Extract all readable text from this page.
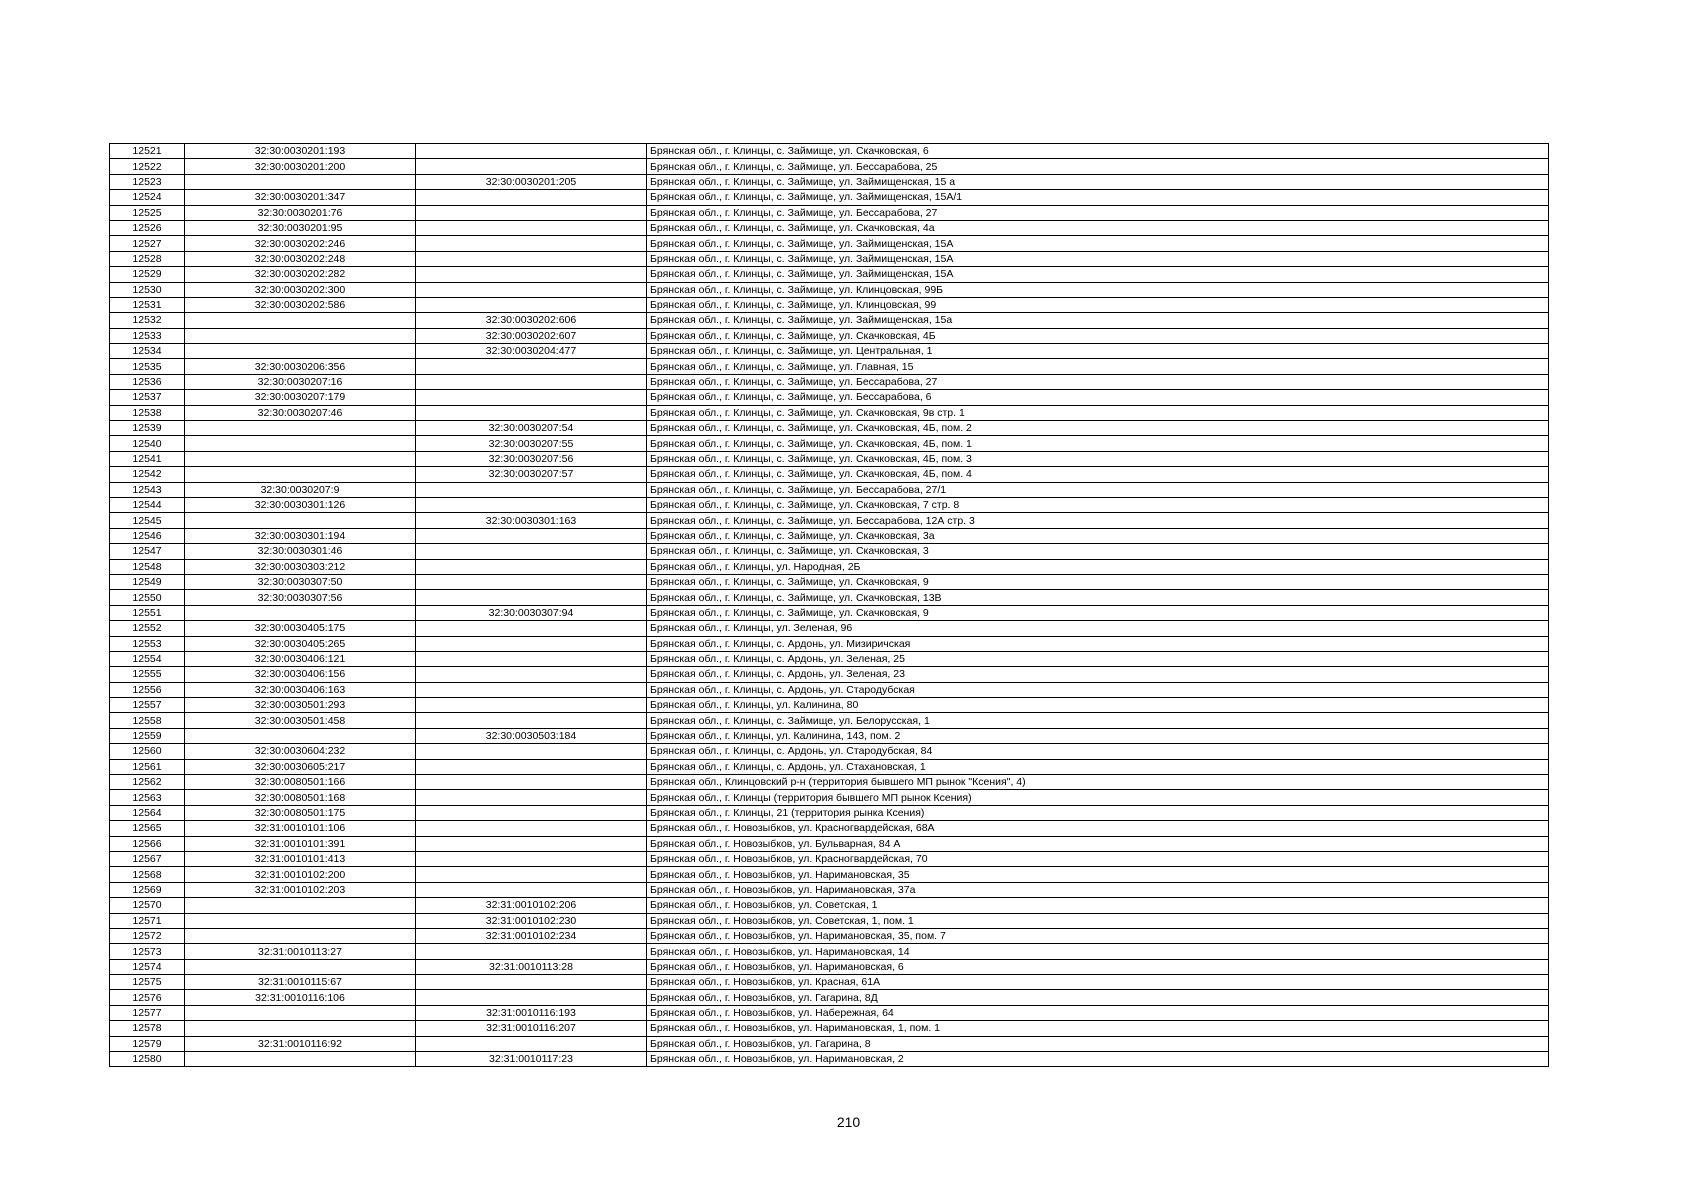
12521	32:30:0030201:193		Брянская обл., г. Клинцы, с. Займище, ул. Скачковская, 6
12522	32:30:0030201:200		Брянская обл., г. Клинцы, с. Займище, ул. Бессарабова, 25
12523		32:30:0030201:205	Брянская обл., г. Клинцы, с. Займище, ул. Займищенская, 15 а
12524	32:30:0030201:347		Брянская обл., г. Клинцы, с. Займище, ул. Займищенская, 15А/1
12525	32:30:0030201:76		Брянская обл., г. Клинцы, с. Займище, ул. Бессарабова, 27
12526	32:30:0030201:95		Брянская обл., г. Клинцы, с. Займище, ул. Скачковская, 4а
12527	32:30:0030202:246		Брянская обл., г. Клинцы, с. Займище, ул. Займищенская, 15А
12528	32:30:0030202:248		Брянская обл., г. Клинцы, с. Займище, ул. Займищенская, 15А
12529	32:30:0030202:282		Брянская обл., г. Клинцы, с. Займище, ул. Займищенская, 15А
12530	32:30:0030202:300		Брянская обл., г. Клинцы, с. Займище, ул. Клинцовская, 99Б
12531	32:30:0030202:586		Брянская обл., г. Клинцы, с. Займище, ул. Клинцовская, 99
12532		32:30:0030202:606	Брянская обл., г. Клинцы, с. Займище, ул. Займищенская, 15а
12533		32:30:0030202:607	Брянская обл., г. Клинцы, с. Займище, ул. Скачковская, 4Б
12534		32:30:0030204:477	Брянская обл., г. Клинцы, с. Займище, ул. Центральная, 1
12535	32:30:0030206:356		Брянская обл., г. Клинцы, с. Займище, ул. Главная, 15
12536	32:30:0030207:16		Брянская обл., г. Клинцы, с. Займище, ул. Бессарабова, 27
12537	32:30:0030207:179		Брянская обл., г. Клинцы, с. Займище, ул. Бессарабова, 6
12538	32:30:0030207:46		Брянская обл., г. Клинцы, с. Займище, ул. Скачковская, 9в стр. 1
12539		32:30:0030207:54	Брянская обл., г. Клинцы, с. Займище, ул. Скачковская, 4Б, пом. 2
12540		32:30:0030207:55	Брянская обл., г. Клинцы, с. Займище, ул. Скачковская, 4Б, пом. 1
12541		32:30:0030207:56	Брянская обл., г. Клинцы, с. Займище, ул. Скачковская, 4Б, пом. 3
12542		32:30:0030207:57	Брянская обл., г. Клинцы, с. Займище, ул. Скачковская, 4Б, пом. 4
12543	32:30:0030207:9		Брянская обл., г. Клинцы, с. Займище, ул. Бессарабова, 27/1
12544	32:30:0030301:126		Брянская обл., г. Клинцы, с. Займище, ул. Скачковская, 7 стр. 8
12545		32:30:0030301:163	Брянская обл., г. Клинцы, с. Займище, ул. Бессарабова, 12А стр. 3
12546	32:30:0030301:194		Брянская обл., г. Клинцы, с. Займище, ул. Скачковская, 3а
12547	32:30:0030301:46		Брянская обл., г. Клинцы, с. Займище, ул. Скачковская, 3
12548	32:30:0030303:212		Брянская обл., г. Клинцы, ул. Народная, 2Б
12549	32:30:0030307:50		Брянская обл., г. Клинцы, с. Займище, ул. Скачковская, 9
12550	32:30:0030307:56		Брянская обл., г. Клинцы, с. Займище, ул. Скачковская, 13В
12551		32:30:0030307:94	Брянская обл., г. Клинцы, с. Займище, ул. Скачковская, 9
12552	32:30:0030405:175		Брянская обл., г. Клинцы, ул. Зеленая, 96
12553	32:30:0030405:265		Брянская обл., г. Клинцы, с. Ардонь, ул. Мизиричская
12554	32:30:0030406:121		Брянская обл., г. Клинцы, с. Ардонь, ул. Зеленая, 25
12555	32:30:0030406:156		Брянская обл., г. Клинцы, с. Ардонь, ул. Зеленая, 23
12556	32:30:0030406:163		Брянская обл., г. Клинцы, с. Ардонь, ул. Стародубская
12557	32:30:0030501:293		Брянская обл., г. Клинцы, ул. Калинина, 80
12558	32:30:0030501:458		Брянская обл., г. Клинцы, с. Займище, ул. Белорусская, 1
12559		32:30:0030503:184	Брянская обл., г. Клинцы, ул. Калинина, 143, пом. 2
12560	32:30:0030604:232		Брянская обл., г. Клинцы, с. Ардонь, ул. Стародубская, 84
12561	32:30:0030605:217		Брянская обл., г. Клинцы, с. Ардонь, ул. Стахановская, 1
12562	32:30:0080501:166		Брянская обл., Клинцовский р-н (территория бывшего МП рынок "Ксения", 4)
12563	32:30:0080501:168		Брянская обл., г. Клинцы (территория бывшего МП рынок Ксения)
12564	32:30:0080501:175		Брянская обл., г. Клинцы, 21 (территория рынка Ксения)
12565	32:31:0010101:106		Брянская обл., г. Новозыбков, ул. Красногвардейская, 68А
12566	32:31:0010101:391		Брянская обл., г. Новозыбков, ул. Бульварная, 84 А
12567	32:31:0010101:413		Брянская обл., г. Новозыбков, ул. Красногвардейская, 70
12568	32:31:0010102:200		Брянская обл., г. Новозыбков, ул. Наримановская, 35
12569	32:31:0010102:203		Брянская обл., г. Новозыбков, ул. Наримановская, 37а
12570		32:31:0010102:206	Брянская обл., г. Новозыбков, ул. Советская, 1
12571		32:31:0010102:230	Брянская обл., г. Новозыбков, ул. Советская, 1, пом. 1
12572		32:31:0010102:234	Брянская обл., г. Новозыбков, ул. Наримановская, 35, пом. 7
12573	32:31:0010113:27		Брянская обл., г. Новозыбков, ул. Наримановская, 14
12574		32:31:0010113:28	Брянская обл., г. Новозыбков, ул. Наримановская, 6
12575	32:31:0010115:67		Брянская обл., г. Новозыбков, ул. Красная, 61А
12576	32:31:0010116:106		Брянская обл., г. Новозыбков, ул. Гагарина, 8Д
12577		32:31:0010116:193	Брянская обл., г. Новозыбков, ул. Набережная, 64
12578		32:31:0010116:207	Брянская обл., г. Новозыбков, ул. Наримановская, 1, пом. 1
12579	32:31:0010116:92		Брянская обл., г. Новозыбков, ул. Гагарина, 8
12580		32:31:0010117:23	Брянская обл., г. Новозыбков, ул. Наримановская, 2
210
